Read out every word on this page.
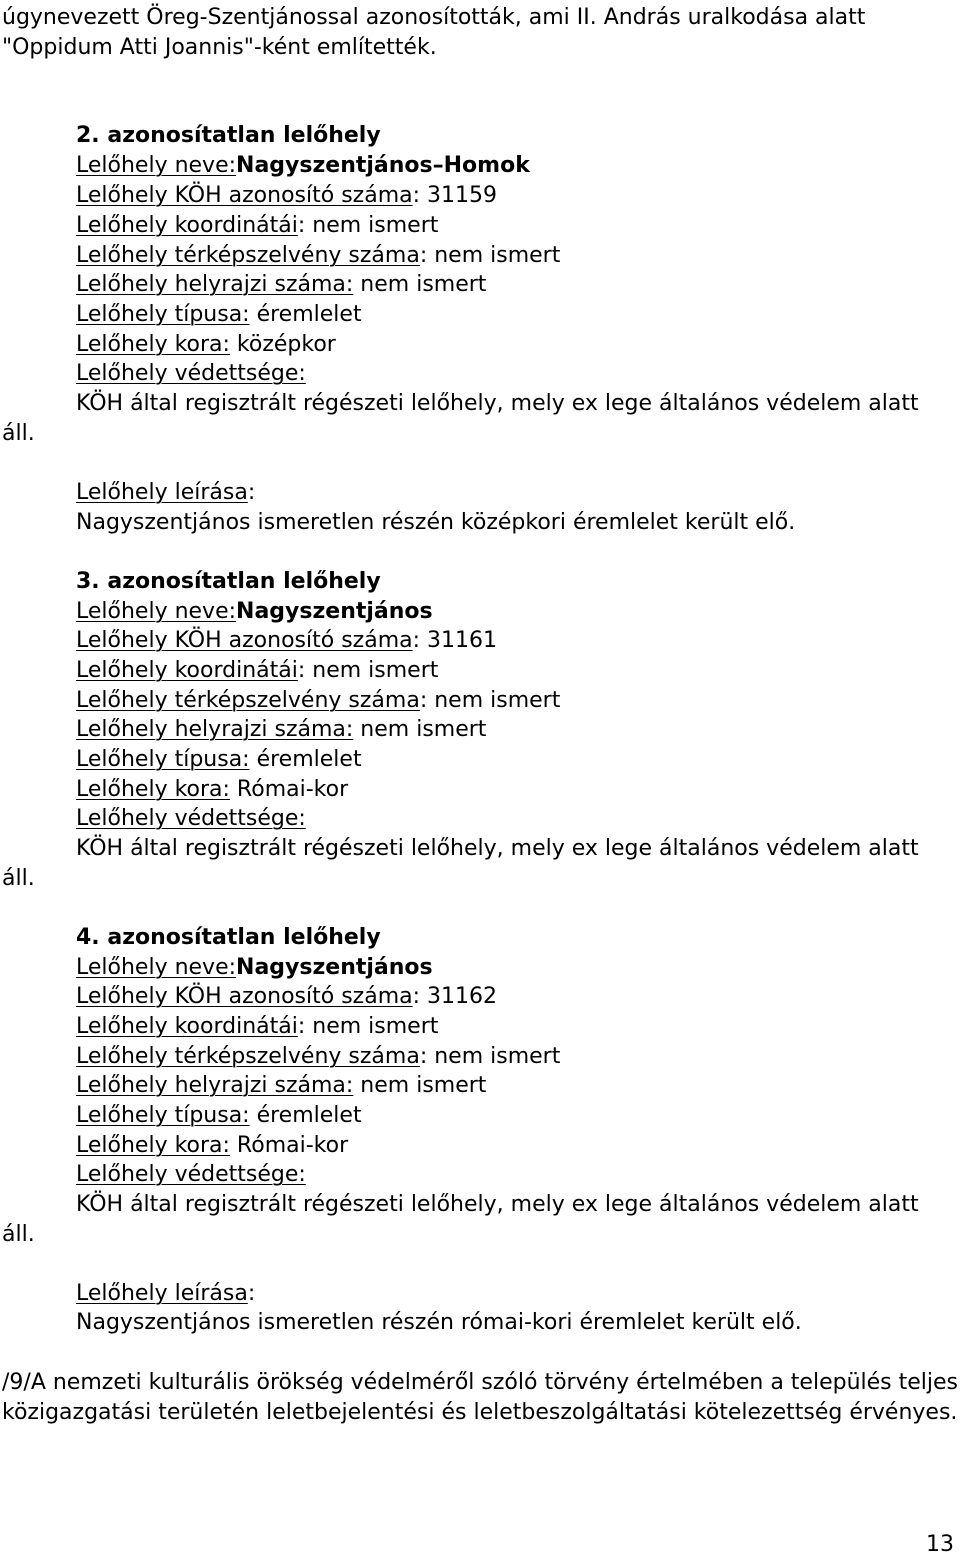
úgynevezett Öreg-Szentjánossal azonosították, ami II. András uralkodása alatt
"Oppidum Atti Joannis"-ként említették.
2. azonosítatlan lelőhely
Lelőhely neve:Nagyszentjános–Homok
Lelőhely KÖH azonosító száma: 31159
Lelőhely koordinátái: nem ismert
Lelőhely térképszelvény száma: nem ismert
Lelőhely helyrajzi száma: nem ismert
Lelőhely típusa: éremlelet
Lelőhely kora: középkor
Lelőhely védettsége:
KÖH által regisztrált régészeti lelőhely, mely ex lege általános védelem alatt
áll.
Lelőhely leírása:
Nagyszentjános ismeretlen részén középkori éremlelet került elő.
3. azonosítatlan lelőhely
Lelőhely neve:Nagyszentjános
Lelőhely KÖH azonosító száma: 31161
Lelőhely koordinátái: nem ismert
Lelőhely térképszelvény száma: nem ismert
Lelőhely helyrajzi száma: nem ismert
Lelőhely típusa: éremlelet
Lelőhely kora: Római-kor
Lelőhely védettsége:
KÖH által regisztrált régészeti lelőhely, mely ex lege általános védelem alatt
áll.
4. azonosítatlan lelőhely
Lelőhely neve:Nagyszentjános
Lelőhely KÖH azonosító száma: 31162
Lelőhely koordinátái: nem ismert
Lelőhely térképszelvény száma: nem ismert
Lelőhely helyrajzi száma: nem ismert
Lelőhely típusa: éremlelet
Lelőhely kora: Római-kor
Lelőhely védettsége:
KÖH által regisztrált régészeti lelőhely, mely ex lege általános védelem alatt
áll.
Lelőhely leírása:
Nagyszentjános ismeretlen részén római-kori éremlelet került elő.
/9/A nemzeti kulturális örökség védelméről szóló törvény értelmében a település teljes közigazgatási területén leletbejelentési és leletbeszolgáltatási kötelezettség érvényes.
13
